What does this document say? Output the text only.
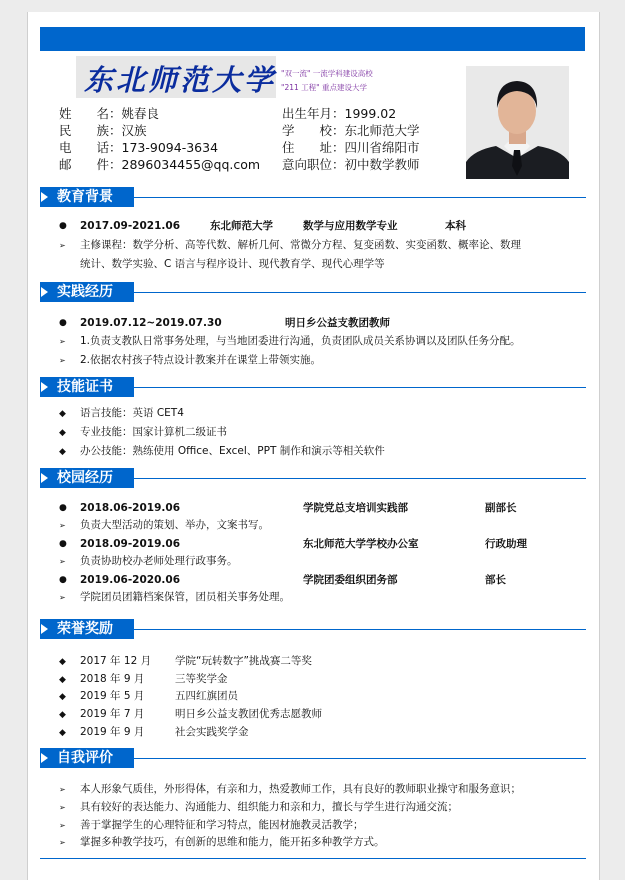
东北师范大学 "双一流" 一流学科建设高校
"211 工程" 重点建设大学
姓　　名：姚春良
民　　族：汉族
电　　话：173-9094-3634
邮　　件：2896034455@qq.com
出生年月：1999.02
学　　校：东北师范大学
住　　址：四川省绵阳市
意向职位：初中数学教师
教育背景
● 2017.09-2021.06	东北师范大学	数学与应用数学专业	本科
➢ 主修课程：数学分析、高等代数、解析几何、常微分方程、复变函数、实变函数、概率论、数理
统计、数学实验、C 语言与程序设计、现代教育学、现代心理学等
实践经历
● 2019.07.12~2019.07.30	明日乡公益支教团教师
➢ 1.负责支教队日常事务处理，与当地团委进行沟通，负责团队成员关系协调以及团队任务分配。
➢ 2.依据农村孩子特点设计教案并在课堂上带领实施。
技能证书
◆ 语言技能：英语 CET4
◆ 专业技能：国家计算机二级证书
◆ 办公技能：熟练使用 Office、Excel、PPT 制作和演示等相关软件
校园经历
● 2018.06-2019.06	学院党总支培训实践部	副部长
➢ 负责大型活动的策划、举办，文案书写。
● 2018.09-2019.06	东北师范大学学校办公室	行政助理
➢ 负责协助校办老师处理行政事务。
● 2019.06-2020.06	学院团委组织团务部	部长
➢ 学院团员团籍档案保管，团员相关事务处理。
荣誉奖励
◆ 2017 年 12 月 学院“玩转数字”挑战赛二等奖
◆ 2018 年 9 月	三等奖学金
◆ 2019 年 5 月	五四红旗团员
◆ 2019 年 7 月	明日乡公益支教团优秀志愿教师
◆ 2019 年 9 月	社会实践奖学金
自我评价
➢ 本人形象气质佳，外形得体，有亲和力，热爱教师工作，具有良好的教师职业操守和服务意识；
➢ 具有较好的表达能力、沟通能力、组织能力和亲和力，擅长与学生进行沟通交流；
➢ 善于掌握学生的心理特征和学习特点，能因材施教灵活教学；
➢ 掌握多种教学技巧，有创新的思维和能力，能开拓多种教学方式。
